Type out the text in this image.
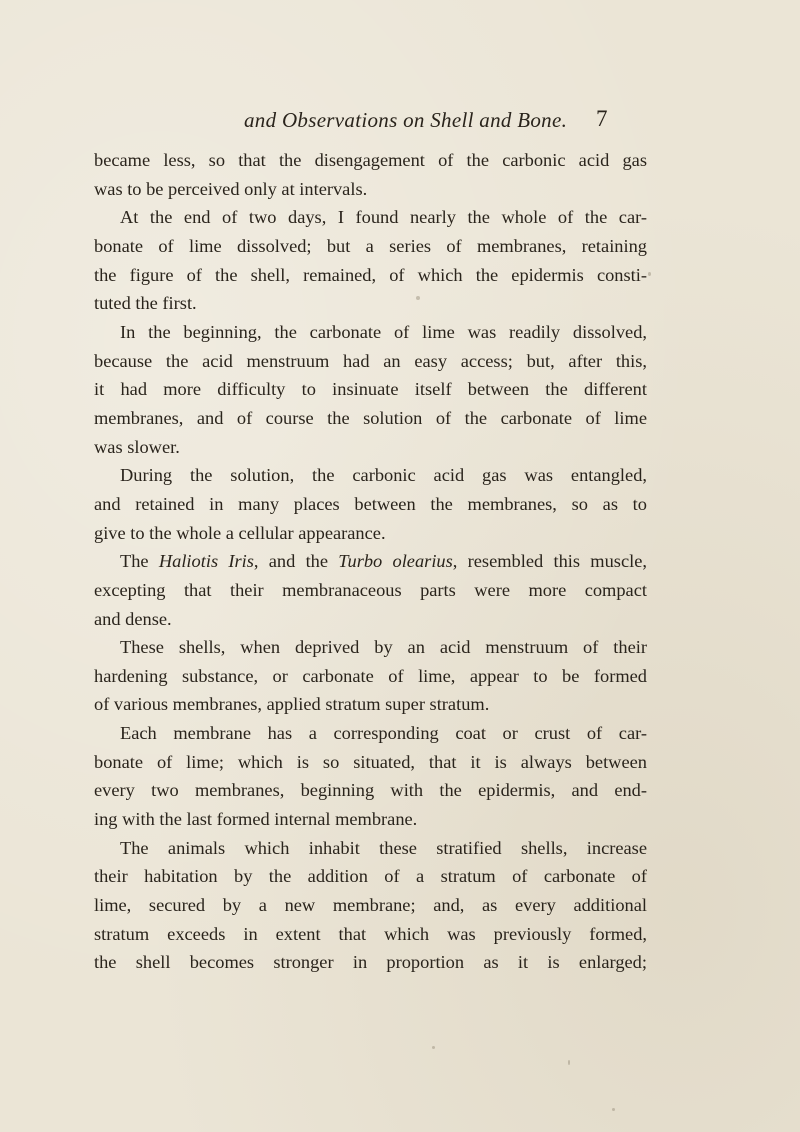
and Observations on Shell and Bone. 7
became less, so that the disengagement of the carbonic acid gas
was to be perceived only at intervals.
At the end of two days, I found nearly the whole of the car-
bonate of lime dissolved; but a series of membranes, retaining
the figure of the shell, remained, of which the epidermis consti-
tuted the first.
In the beginning, the carbonate of lime was readily dissolved,
because the acid menstruum had an easy access; but, after this,
it had more difficulty to insinuate itself between the different
membranes, and of course the solution of the carbonate of lime
was slower.
During the solution, the carbonic acid gas was entangled,
and retained in many places between the membranes, so as to
give to the whole a cellular appearance.
The Haliotis Iris, and the Turbo olearius, resembled this muscle,
excepting that their membranaceous parts were more compact
and dense.
These shells, when deprived by an acid menstruum of their
hardening substance, or carbonate of lime, appear to be formed
of various membranes, applied stratum super stratum.
Each membrane has a corresponding coat or crust of car-
bonate of lime; which is so situated, that it is always between
every two membranes, beginning with the epidermis, and end-
ing with the last formed internal membrane.
The animals which inhabit these stratified shells, increase
their habitation by the addition of a stratum of carbonate of
lime, secured by a new membrane; and, as every additional
stratum exceeds in extent that which was previously formed,
the shell becomes stronger in proportion as it is enlarged;
